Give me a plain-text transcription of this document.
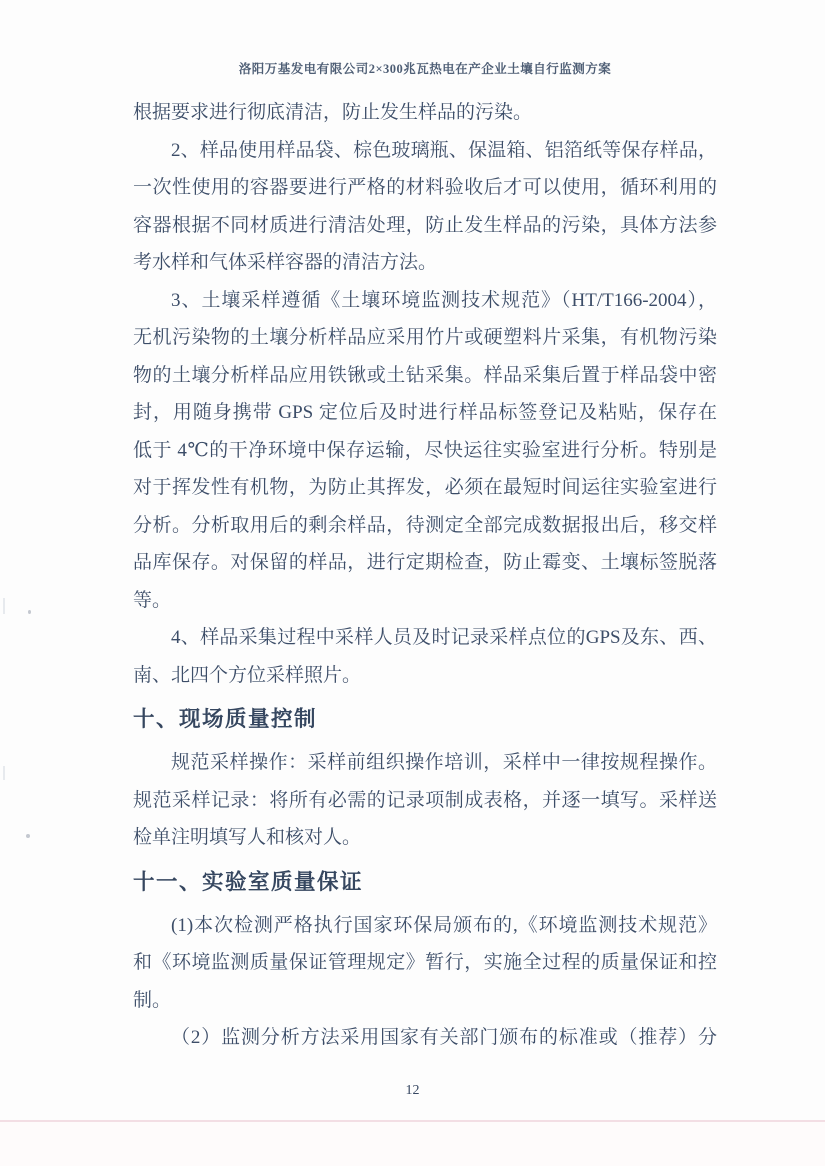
洛阳万基发电有限公司2×300兆瓦热电在产企业土壤自行监测方案
根据要求进行彻底清洁，防止发生样品的污染。
2、样品使用样品袋、棕色玻璃瓶、保温箱、铝箔纸等保存样品，
一次性使用的容器要进行严格的材料验收后才可以使用，循环利用的
容器根据不同材质进行清洁处理，防止发生样品的污染，具体方法参
考水样和气体采样容器的清洁方法。
3、土壤采样遵循《土壤环境监测技术规范》（HT/T166-2004），
无机污染物的土壤分析样品应采用竹片或硬塑料片采集，有机物污染
物的土壤分析样品应用铁锹或土钻采集。样品采集后置于样品袋中密
封，用随身携带 GPS 定位后及时进行样品标签登记及粘贴，保存在
低于 4℃的干净环境中保存运输，尽快运往实验室进行分析。特别是
对于挥发性有机物，为防止其挥发，必须在最短时间运往实验室进行
分析。分析取用后的剩余样品，待测定全部完成数据报出后，移交样
品库保存。对保留的样品，进行定期检查，防止霉变、土壤标签脱落
等。
4、样品采集过程中采样人员及时记录采样点位的GPS及东、西、
南、北四个方位采样照片。
十、现场质量控制
规范采样操作：采样前组织操作培训，采样中一律按规程操作。
规范采样记录：将所有必需的记录项制成表格，并逐一填写。采样送
检单注明填写人和核对人。
十一、实验室质量保证
(1)本次检测严格执行国家环保局颁布的,《环境监测技术规范》
和《环境监测质量保证管理规定》暂行，实施全过程的质量保证和控
制。
（2）监测分析方法采用国家有关部门颁布的标准或（推荐）分
12
